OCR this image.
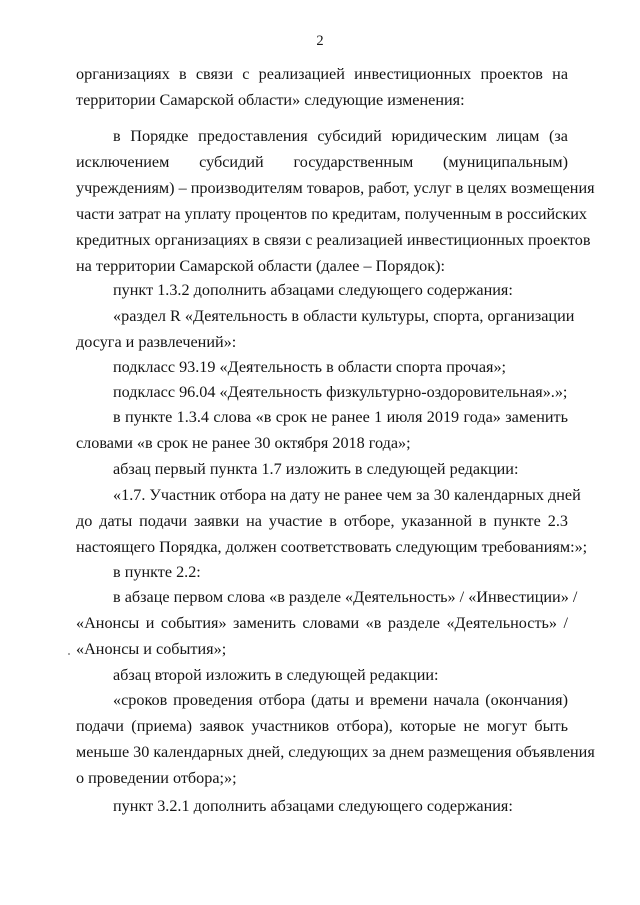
2
организациях в связи с реализацией инвестиционных проектов на
территории Самарской области» следующие изменения:
в Порядке предоставления субсидий юридическим лицам (за
исключением субсидий государственным (муниципальным)
учреждениям) – производителям товаров, работ, услуг в целях возмещения
части затрат на уплату процентов по кредитам, полученным в российских
кредитных организациях в связи с реализацией инвестиционных проектов
на территории Самарской области (далее – Порядок):
пункт 1.3.2 дополнить абзацами следующего содержания:
«раздел R «Деятельность в области культуры, спорта, организации
досуга и развлечений»:
подкласс 93.19 «Деятельность в области спорта прочая»;
подкласс 96.04 «Деятельность физкультурно-оздоровительная».»;
в пункте 1.3.4 слова «в срок не ранее 1 июля 2019 года» заменить
словами «в срок не ранее 30 октября 2018 года»;
абзац первый пункта 1.7 изложить в следующей редакции:
«1.7. Участник отбора на дату не ранее чем за 30 календарных дней
до даты подачи заявки на участие в отборе, указанной в пункте 2.3
настоящего Порядка, должен соответствовать следующим требованиям:»;
в пункте 2.2:
в абзаце первом слова «в разделе «Деятельность» / «Инвестиции» /
«Анонсы и события» заменить словами «в разделе «Деятельность» /
«Анонсы и события»;
абзац второй изложить в следующей редакции:
«сроков проведения отбора (даты и времени начала (окончания)
подачи (приема) заявок участников отбора), которые не могут быть
меньше 30 календарных дней, следующих за днем размещения объявления
о проведении отбора;»;
пункт 3.2.1 дополнить абзацами следующего содержания:
